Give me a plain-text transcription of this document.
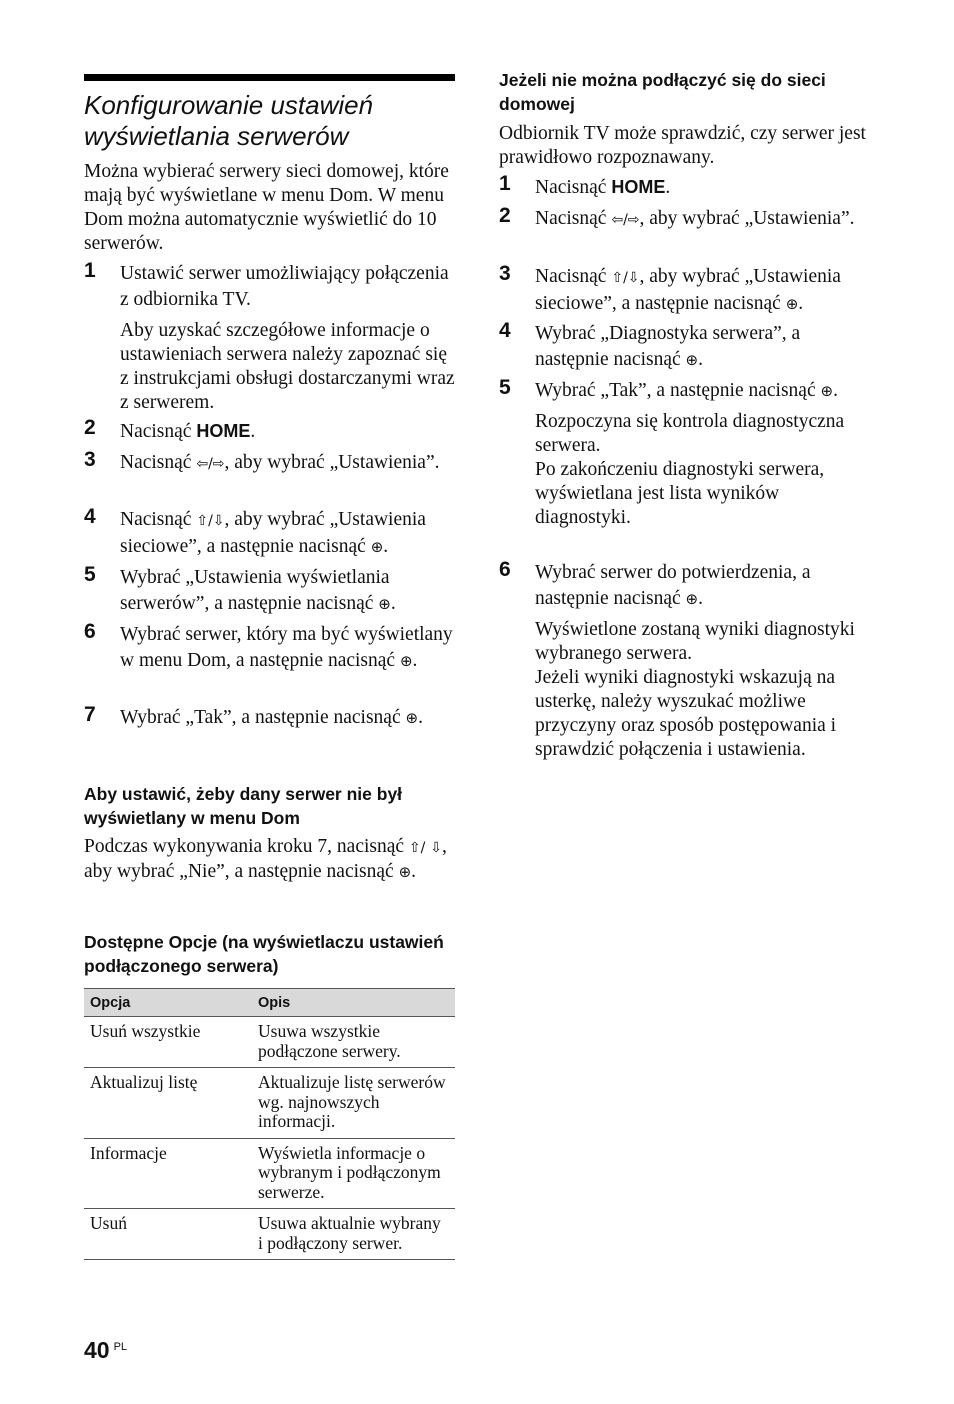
Konfigurowanie ustawień wyświetlania serwerów

Można wybierać serwery sieci domowej, które mają być wyświetlane w menu Dom. W menu Dom można automatycznie wyświetlić do 10 serwerów.

1 Ustawić serwer umożliwiający połączenia z odbiornika TV.
Aby uzyskać szczegółowe informacje o ustawieniach serwera należy zapoznać się z instrukcjami obsługi dostarczanymi wraz z serwerem.
2 Nacisnąć HOME.
3 Nacisnąć ⇦/⇨, aby wybrać „Ustawienia”.
4 Nacisnąć ⇧/⇩, aby wybrać „Ustawienia sieciowe”, a następnie nacisnąć ⊕.
5 Wybrać „Ustawienia wyświetlania serwerów”, a następnie nacisnąć ⊕.
6 Wybrać serwer, który ma być wyświetlany w menu Dom, a następnie nacisnąć ⊕.
7 Wybrać „Tak”, a następnie nacisnąć ⊕.
Aby ustawić, żeby dany serwer nie był wyświetlany w menu Dom

Podczas wykonywania kroku 7, nacisnąć ⇧/ ⇩, aby wybrać „Nie”, a następnie nacisnąć ⊕.

Dostępne Opcje (na wyświetlaczu ustawień podłączonego serwera)
Opcja	Opis
Usuń wszystkie	Usuwa wszystkie podłączone serwery.
Aktualizuj listę	Aktualizuje listę serwerów wg. najnowszych informacji.
Informacje	Wyświetla informacje o wybranym i podłączonym serwerze.
Usuń	Usuwa aktualnie wybrany i podłączony serwer.
Jeżeli nie można podłączyć się do sieci domowej

Odbiornik TV może sprawdzić, czy serwer jest prawidłowo rozpoznawany.

1 Nacisnąć HOME.
2 Nacisnąć ⇦/⇨, aby wybrać „Ustawienia”.
3 Nacisnąć ⇧/⇩, aby wybrać „Ustawienia sieciowe”, a następnie nacisnąć ⊕.
4 Wybrać „Diagnostyka serwera”, a następnie nacisnąć ⊕.
5 Wybrać „Tak”, a następnie nacisnąć ⊕.
Rozpoczyna się kontrola diagnostyczna serwera.
Po zakończeniu diagnostyki serwera, wyświetlana jest lista wyników diagnostyki.
6 Wybrać serwer do potwierdzenia, a następnie nacisnąć ⊕.
Wyświetlone zostaną wyniki diagnostyki wybranego serwera.
Jeżeli wyniki diagnostyki wskazują na usterkę, należy wyszukać możliwe przyczyny oraz sposób postępowania i sprawdzić połączenia i ustawienia.
40 $^{PL}$
